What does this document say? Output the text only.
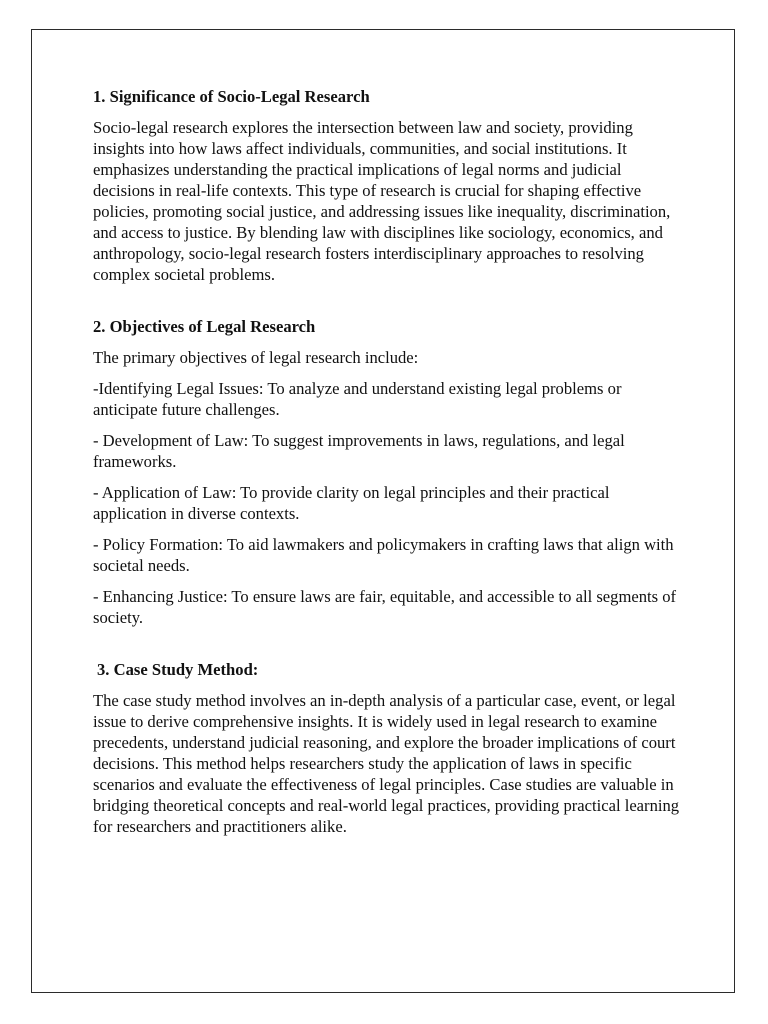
1. Significance of Socio-Legal Research
Socio-legal research explores the intersection between law and society, providing insights into how laws affect individuals, communities, and social institutions. It emphasizes understanding the practical implications of legal norms and judicial decisions in real-life contexts. This type of research is crucial for shaping effective policies, promoting social justice, and addressing issues like inequality, discrimination, and access to justice. By blending law with disciplines like sociology, economics, and anthropology, socio-legal research fosters interdisciplinary approaches to resolving complex societal problems.
2. Objectives of Legal Research
The primary objectives of legal research include:
-Identifying Legal Issues: To analyze and understand existing legal problems or anticipate future challenges.
- Development of Law: To suggest improvements in laws, regulations, and legal frameworks.
- Application of Law: To provide clarity on legal principles and their practical application in diverse contexts.
- Policy Formation: To aid lawmakers and policymakers in crafting laws that align with societal needs.
- Enhancing Justice: To ensure laws are fair, equitable, and accessible to all segments of society.
3. Case Study Method:
The case study method involves an in-depth analysis of a particular case, event, or legal issue to derive comprehensive insights. It is widely used in legal research to examine precedents, understand judicial reasoning, and explore the broader implications of court decisions. This method helps researchers study the application of laws in specific scenarios and evaluate the effectiveness of legal principles. Case studies are valuable in bridging theoretical concepts and real-world legal practices, providing practical learning for researchers and practitioners alike.
